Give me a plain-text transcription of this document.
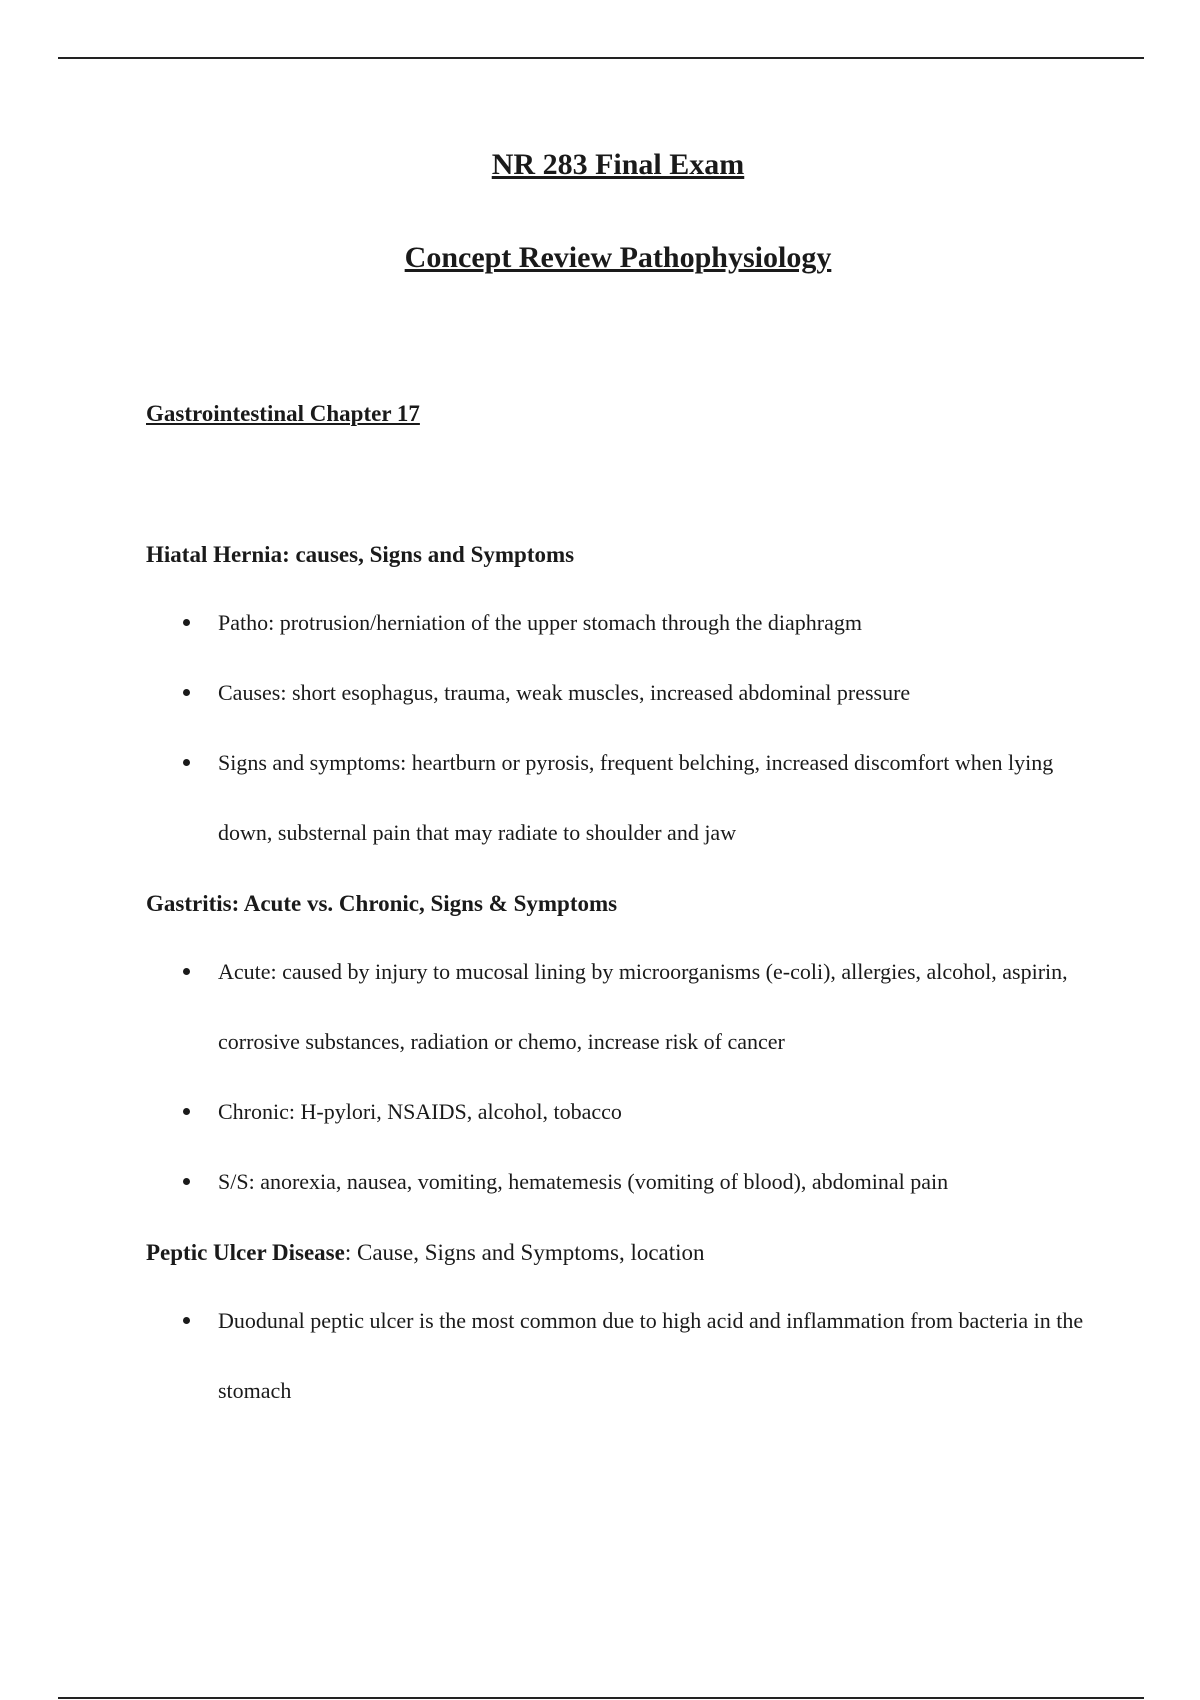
NR 283 Final Exam
Concept Review Pathophysiology
Gastrointestinal Chapter 17

Hiatal Hernia: causes, Signs and Symptoms

Patho: protrusion/herniation of the upper stomach through the diaphragm
Causes: short esophagus, trauma, weak muscles, increased abdominal pressure
Signs and symptoms: heartburn or pyrosis, frequent belching, increased discomfort when lying down, substernal pain that may radiate to shoulder and jaw

Gastritis: Acute vs. Chronic, Signs & Symptoms

Acute: caused by injury to mucosal lining by microorganisms (e-coli), allergies, alcohol, aspirin, corrosive substances, radiation or chemo, increase risk of cancer
Chronic: H-pylori, NSAIDS, alcohol, tobacco
S/S: anorexia, nausea, vomiting, hematemesis (vomiting of blood), abdominal pain

Peptic Ulcer Disease: Cause, Signs and Symptoms, location

Duodunal peptic ulcer is the most common due to high acid and inflammation from bacteria in the stomach
